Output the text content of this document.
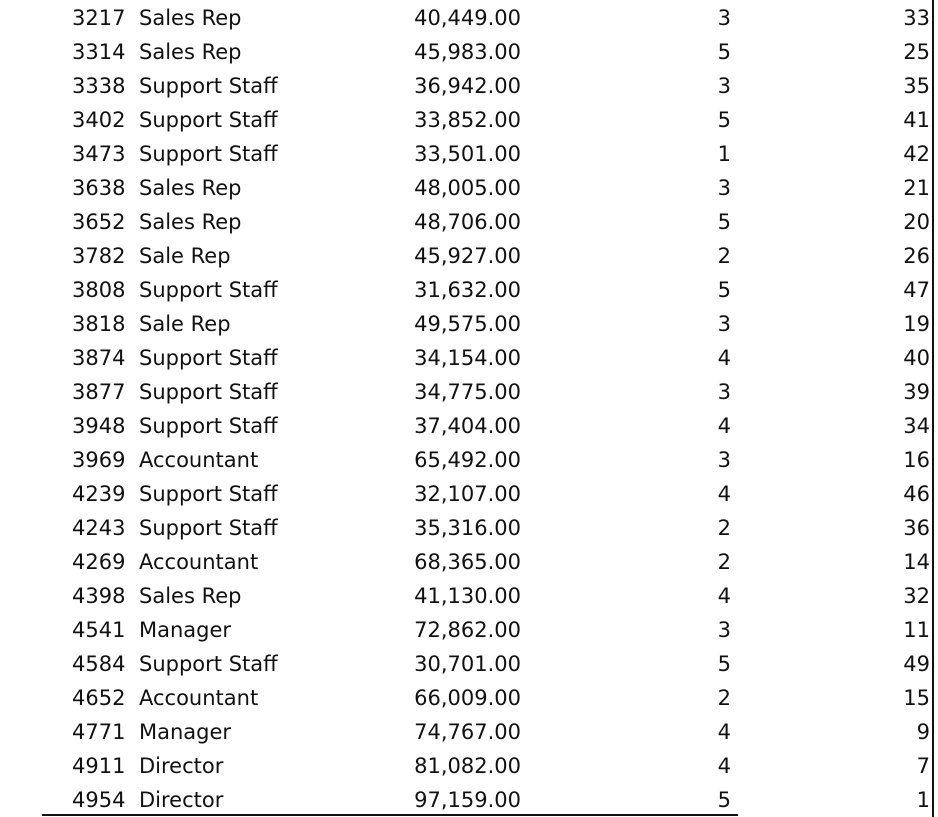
3217 Sales Rep	40,449.00	3	33
3314 Sales Rep	45,983.00	5	25
3338 Support Staff	36,942.00	3	35
3402 Support Staff	33,852.00	5	41
3473 Support Staff	33,501.00	1	42
3638 Sales Rep	48,005.00	3	21
3652 Sales Rep	48,706.00	5	20
3782 Sale Rep	45,927.00	2	26
3808 Support Staff	31,632.00	5	47
3818 Sale Rep	49,575.00	3	19
3874 Support Staff	34,154.00	4	40
3877 Support Staff	34,775.00	3	39
3948 Support Staff	37,404.00	4	34
3969 Accountant	65,492.00	3	16
4239 Support Staff	32,107.00	4	46
4243 Support Staff	35,316.00	2	36
4269 Accountant	68,365.00	2	14
4398 Sales Rep	41,130.00	4	32
4541 Manager	72,862.00	3	11
4584 Support Staff	30,701.00	5	49
4652 Accountant	66,009.00	2	15
4771 Manager	74,767.00	4	9
4911 Director	81,082.00	4	7
4954 Director	97,159.00	5	1
